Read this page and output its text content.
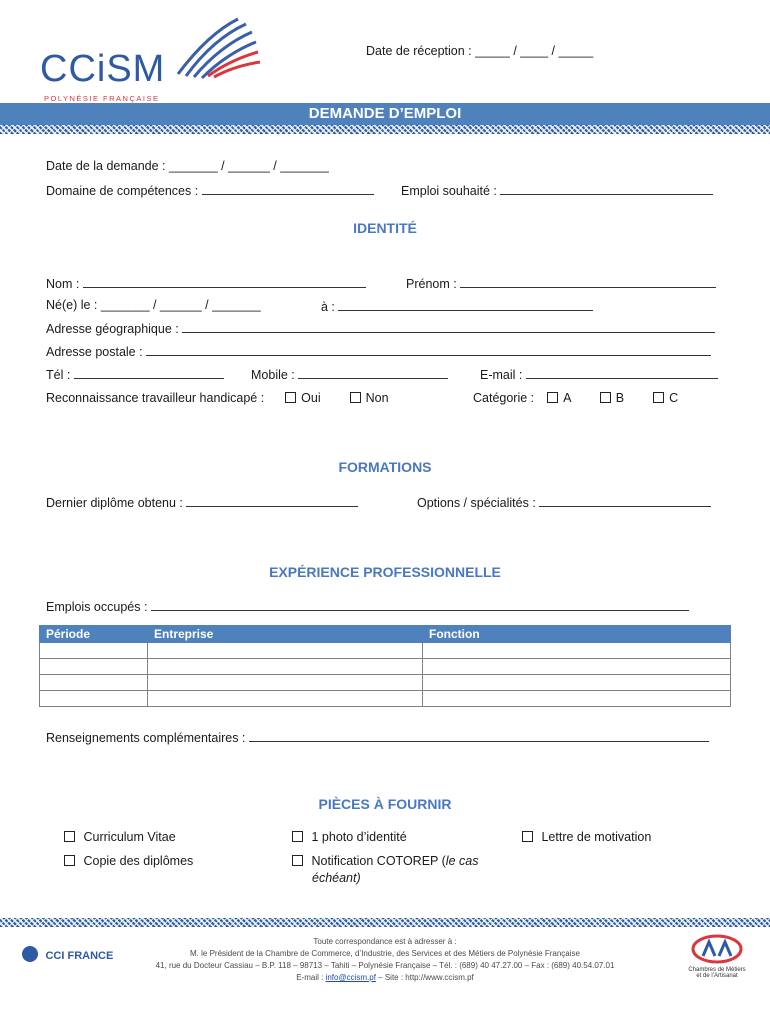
CCiSM
POLYNÉSIE FRANÇAISE
Date de réception : _____ / ____ / _____
DEMANDE D’EMPLOI
Date de la demande : _______ / ______ / _______
Domaine de compétences :	Emploi souhaité :
IDENTITÉ
Nom :	Prénom :
Né(e) le : _______ / ______ / _______	à :
Adresse géographique :
Adresse postale :
Tél :	Mobile :	E-mail :
Reconnaissance travailleur handicapé :	Oui	Non	Catégorie : A	B	C
FORMATIONS
Dernier diplôme obtenu :	Options / spécialités :
EXPÉRIENCE PROFESSIONNELLE
Emplois occupés :
Période	Entreprise	Fonction

Renseignements complémentaires :
PIÈCES À FOURNIR
Curriculum Vitae	1 photo d’identité	Lettre de motivation
Copie des diplômes	Notification COTOREP (le cas
échéant)
CCI FRANCE
Toute correspondance est à adresser à :
M. le Président de la Chambre de Commerce, d’Industrie, des Services et des Métiers de Polynésie Française
41, rue du Docteur Cassiau – B.P. 118 – 98713 – Tahiti – Polynésie Française – Tél. : (689) 40 47.27.00 – Fax : (689) 40.54.07.01
E-mail : info@ccism.pf – Site : http://www.ccism.pf
Chambres de Métiers
et de l’Artisanat
